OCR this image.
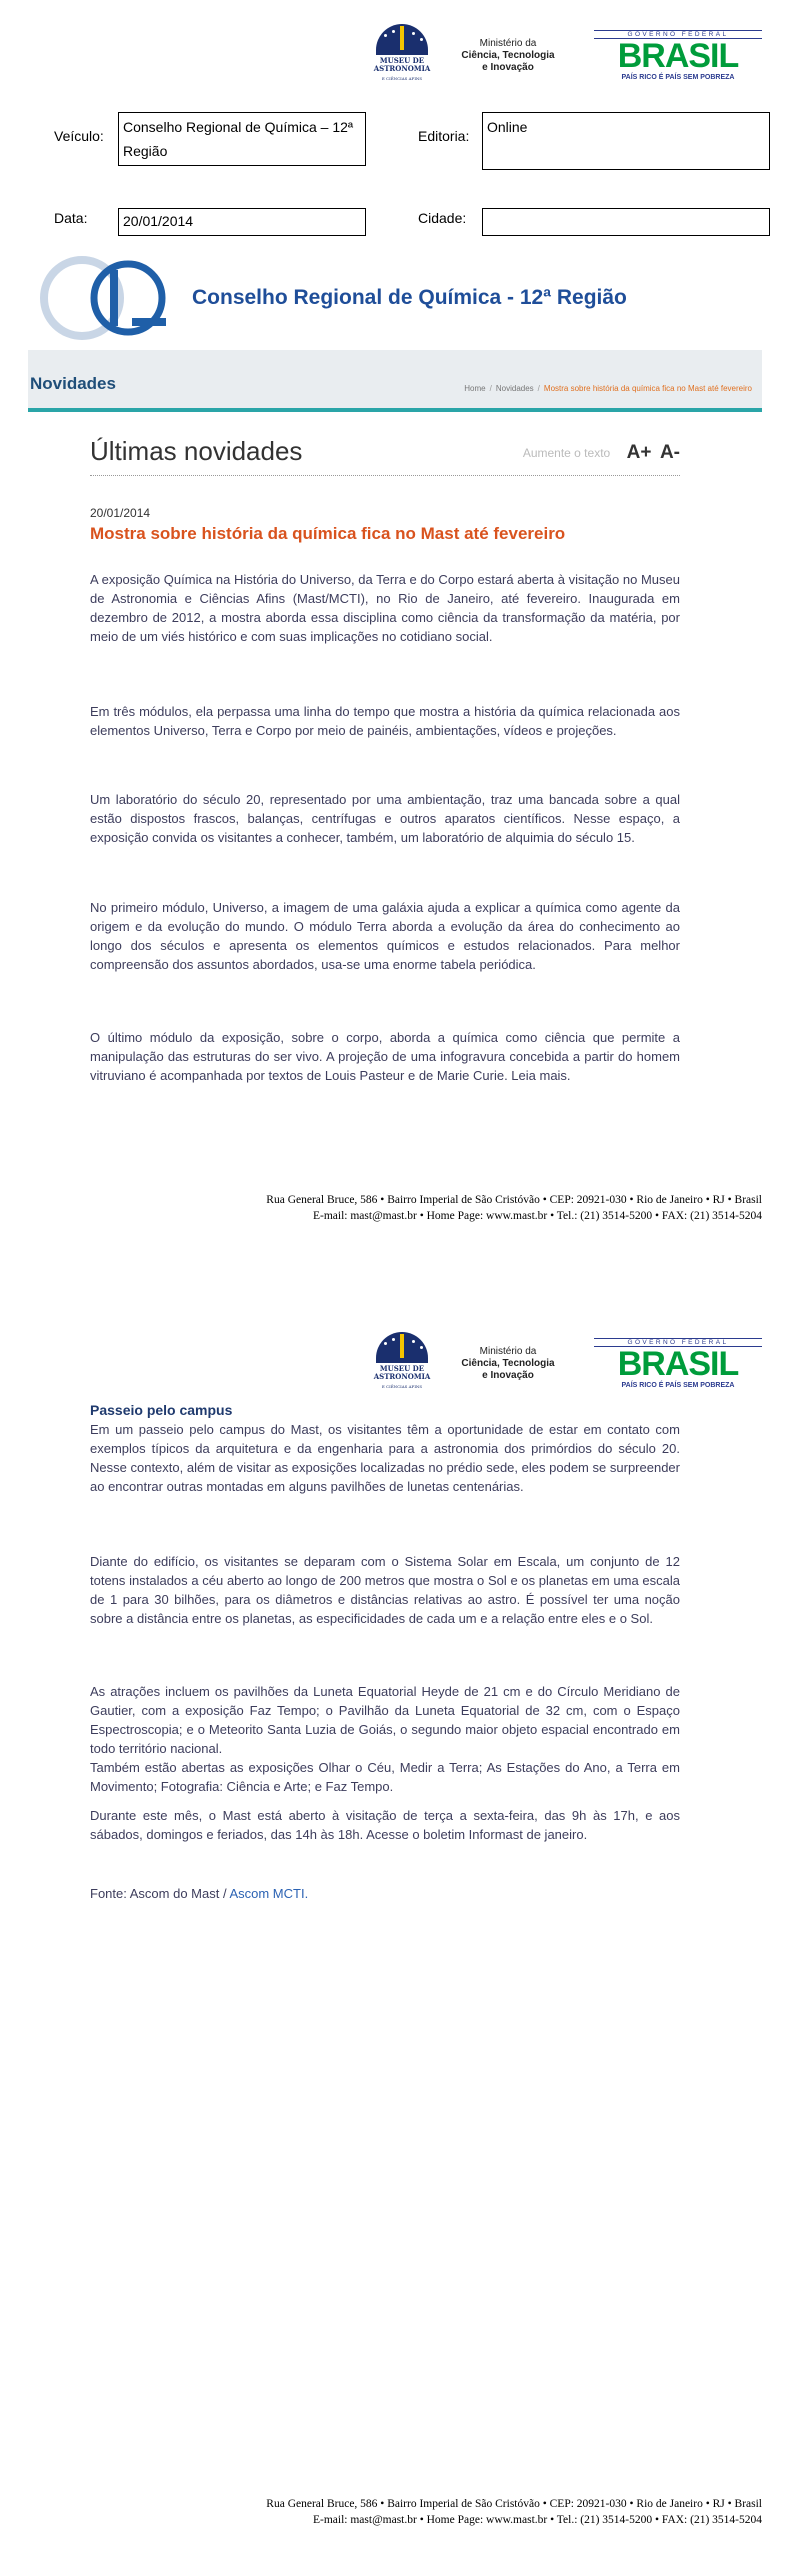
MUSEU DE ASTRONOMIA
E CIÊNCIAS AFINS
Ministério da
Ciência, Tecnologia
e Inovação
GOVERNO FEDERAL
BRASIL
PAÍS RICO É PAÍS SEM POBREZA
Veículo:
Conselho Regional de Química – 12ª Região
Editoria:
Online
Data:	20/01/2014	Cidade:
Conselho Regional de Química - 12ª Região
Novidades	Home / Novidades / Mostra sobre história da química fica no Mast até fevereiro
Últimas novidades	Aumente o texto A+ A-
20/01/2014
Mostra sobre história da química fica no Mast até fevereiro

A exposição Química na História do Universo, da Terra e do Corpo estará aberta à visitação no Museu de Astronomia e Ciências Afins (Mast/MCTI), no Rio de Janeiro, até fevereiro. Inaugurada em dezembro de 2012, a mostra aborda essa disciplina como ciência da transformação da matéria, por meio de um viés histórico e com suas implicações no cotidiano social.

Em três módulos, ela perpassa uma linha do tempo que mostra a história da química relacionada aos elementos Universo, Terra e Corpo por meio de painéis, ambientações, vídeos e projeções.

Um laboratório do século 20, representado por uma ambientação, traz uma bancada sobre a qual estão dispostos frascos, balanças, centrífugas e outros aparatos científicos. Nesse espaço, a exposição convida os visitantes a conhecer, também, um laboratório de alquimia do século 15.

No primeiro módulo, Universo, a imagem de uma galáxia ajuda a explicar a química como agente da origem e da evolução do mundo. O módulo Terra aborda a evolução da área do conhecimento ao longo dos séculos e apresenta os elementos químicos e estudos relacionados. Para melhor compreensão dos assuntos abordados, usa-se uma enorme tabela periódica.

O último módulo da exposição, sobre o corpo, aborda a química como ciência que permite a manipulação das estruturas do ser vivo. A projeção de uma infogravura concebida a partir do homem vitruviano é acompanhada por textos de Louis Pasteur e de Marie Curie. Leia mais.

Rua General Bruce, 586 • Bairro Imperial de São Cristóvão • CEP: 20921-030 • Rio de Janeiro • RJ • Brasil
E-mail: mast@mast.br • Home Page: www.mast.br • Tel.: (21) 3514-5200 • FAX: (21) 3514-5204
MUSEU DE ASTRONOMIA
E CIÊNCIAS AFINS
Ministério da
Ciência, Tecnologia
e Inovação
GOVERNO FEDERAL
BRASIL
PAÍS RICO É PAÍS SEM POBREZA
Passeio pelo campus

Em um passeio pelo campus do Mast, os visitantes têm a oportunidade de estar em contato com exemplos típicos da arquitetura e da engenharia para a astronomia dos primórdios do século 20. Nesse contexto, além de visitar as exposições localizadas no prédio sede, eles podem se surpreender ao encontrar outras montadas em alguns pavilhões de lunetas centenárias.

Diante do edifício, os visitantes se deparam com o Sistema Solar em Escala, um conjunto de 12 totens instalados a céu aberto ao longo de 200 metros que mostra o Sol e os planetas em uma escala de 1 para 30 bilhões, para os diâmetros e distâncias relativas ao astro. É possível ter uma noção sobre a distância entre os planetas, as especificidades de cada um e a relação entre eles e o Sol.

As atrações incluem os pavilhões da Luneta Equatorial Heyde de 21 cm e do Círculo Meridiano de Gautier, com a exposição Faz Tempo; o Pavilhão da Luneta Equatorial de 32 cm, com o Espaço Espectroscopia; e o Meteorito Santa Luzia de Goiás, o segundo maior objeto espacial encontrado em todo território nacional.

Também estão abertas as exposições Olhar o Céu, Medir a Terra; As Estações do Ano, a Terra em Movimento; Fotografia: Ciência e Arte; e Faz Tempo.

Durante este mês, o Mast está aberto à visitação de terça a sexta-feira, das 9h às 17h, e aos sábados, domingos e feriados, das 14h às 18h. Acesse o boletim Informast de janeiro.

Fonte: Ascom do Mast / Ascom MCTI.

Rua General Bruce, 586 • Bairro Imperial de São Cristóvão • CEP: 20921-030 • Rio de Janeiro • RJ • Brasil
E-mail: mast@mast.br • Home Page: www.mast.br • Tel.: (21) 3514-5200 • FAX: (21) 3514-5204
